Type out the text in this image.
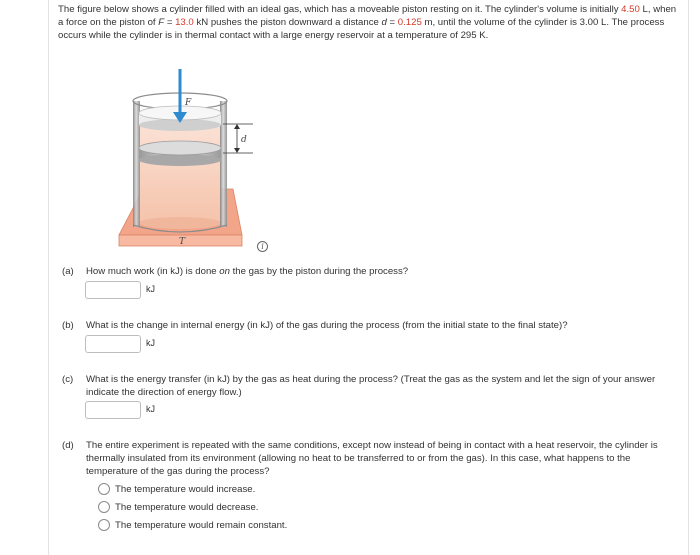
The figure below shows a cylinder filled with an ideal gas, which has a moveable piston resting on it. The cylinder's volume is initially 4.50 L, when a force on the piston of F = 13.0 kN pushes the piston downward a distance d = 0.125 m, until the volume of the cylinder is 3.00 L. The process occurs while the cylinder is in thermal contact with a large energy reservoir at a temperature of 295 K.
T
F
d
i
(a) How much work (in kJ) is done on the gas by the piston during the process?
kJ
(b) What is the change in internal energy (in kJ) of the gas during the process (from the initial state to the final state)?
kJ
(c) What is the energy transfer (in kJ) by the gas as heat during the process? (Treat the gas as the system and let the sign of your answer indicate the direction of energy flow.)
kJ
(d) The entire experiment is repeated with the same conditions, except now instead of being in contact with a heat reservoir, the cylinder is thermally insulated from its environment (allowing no heat to be transferred to or from the gas). In this case, what happens to the temperature of the gas during the process?
The temperature would increase.
The temperature would decrease.
The temperature would remain constant.
